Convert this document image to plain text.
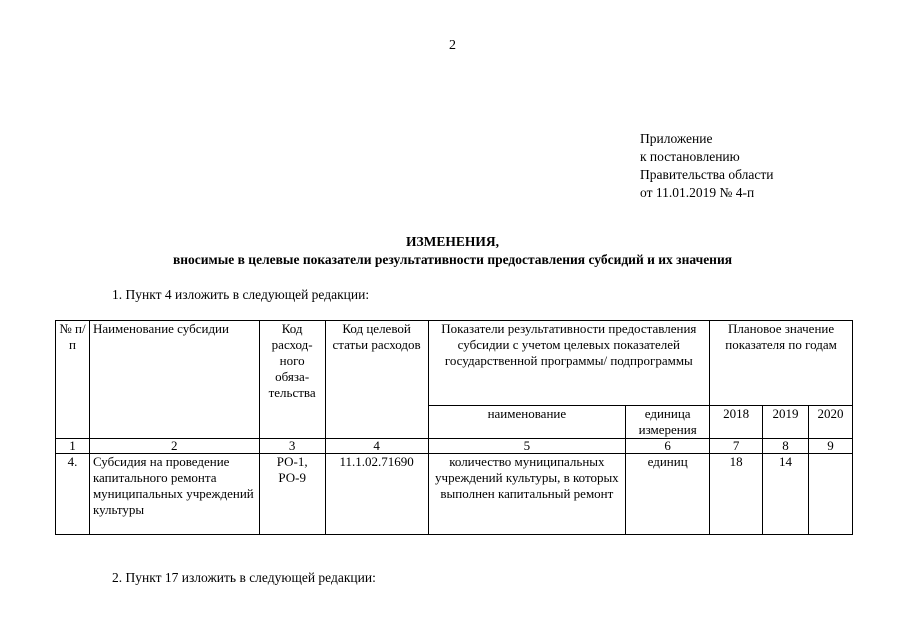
2
Приложение
к постановлению
Правительства области
от 11.01.2019 № 4-п
ИЗМЕНЕНИЯ,
вносимые в целевые показатели результативности предоставления субсидий и их значения
1. Пункт 4 изложить в следующей редакции:
№ п/п	Наименование субсидии	Код расход-ного обяза-тельства	Код целевой статьи расходов	Показатели результативности предоставления субсидии с учетом целевых показателей государственной программы/ подпрограммы		Плановое значение показателя по годам		
				наименование	единица измерения	2018	2019	2020
1	2	3	4	5	6	7	8	9
4.	Субсидия на проведение капитального ремонта муниципальных учреждений культуры	РО-1, РО-9	11.1.02.71690	количество муниципальных учреждений культуры, в которых выполнен капитальный ремонт	единиц	18	14	
2. Пункт 17 изложить в следующей редакции:
